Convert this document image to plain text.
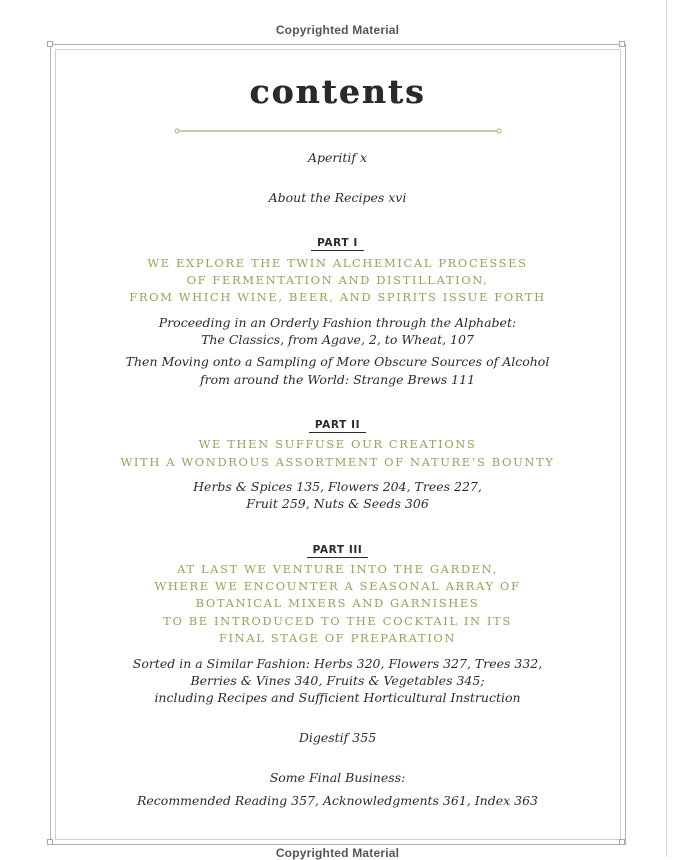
Copyrighted Material
contents
Aperitif x
About the Recipes xvi
PART I
WE EXPLORE THE TWIN ALCHEMICAL PROCESSES
OF FERMENTATION AND DISTILLATION,
FROM WHICH WINE, BEER, AND SPIRITS ISSUE FORTH
Proceeding in an Orderly Fashion through the Alphabet:
The Classics, from Agave, 2, to Wheat, 107
Then Moving onto a Sampling of More Obscure Sources of Alcohol
from around the World: Strange Brews 111
PART II
WE THEN SUFFUSE OUR CREATIONS
WITH A WONDROUS ASSORTMENT OF NATURE’S BOUNTY
Herbs & Spices 135, Flowers 204, Trees 227,
Fruit 259, Nuts & Seeds 306
PART III
AT LAST WE VENTURE INTO THE GARDEN,
WHERE WE ENCOUNTER A SEASONAL ARRAY OF
BOTANICAL MIXERS AND GARNISHES
TO BE INTRODUCED TO THE COCKTAIL IN ITS
FINAL STAGE OF PREPARATION
Sorted in a Similar Fashion: Herbs 320, Flowers 327, Trees 332,
Berries & Vines 340, Fruits & Vegetables 345;
including Recipes and Sufficient Horticultural Instruction
Digestif 355
Some Final Business:
Recommended Reading 357, Acknowledgments 361, Index 363
Copyrighted Material
